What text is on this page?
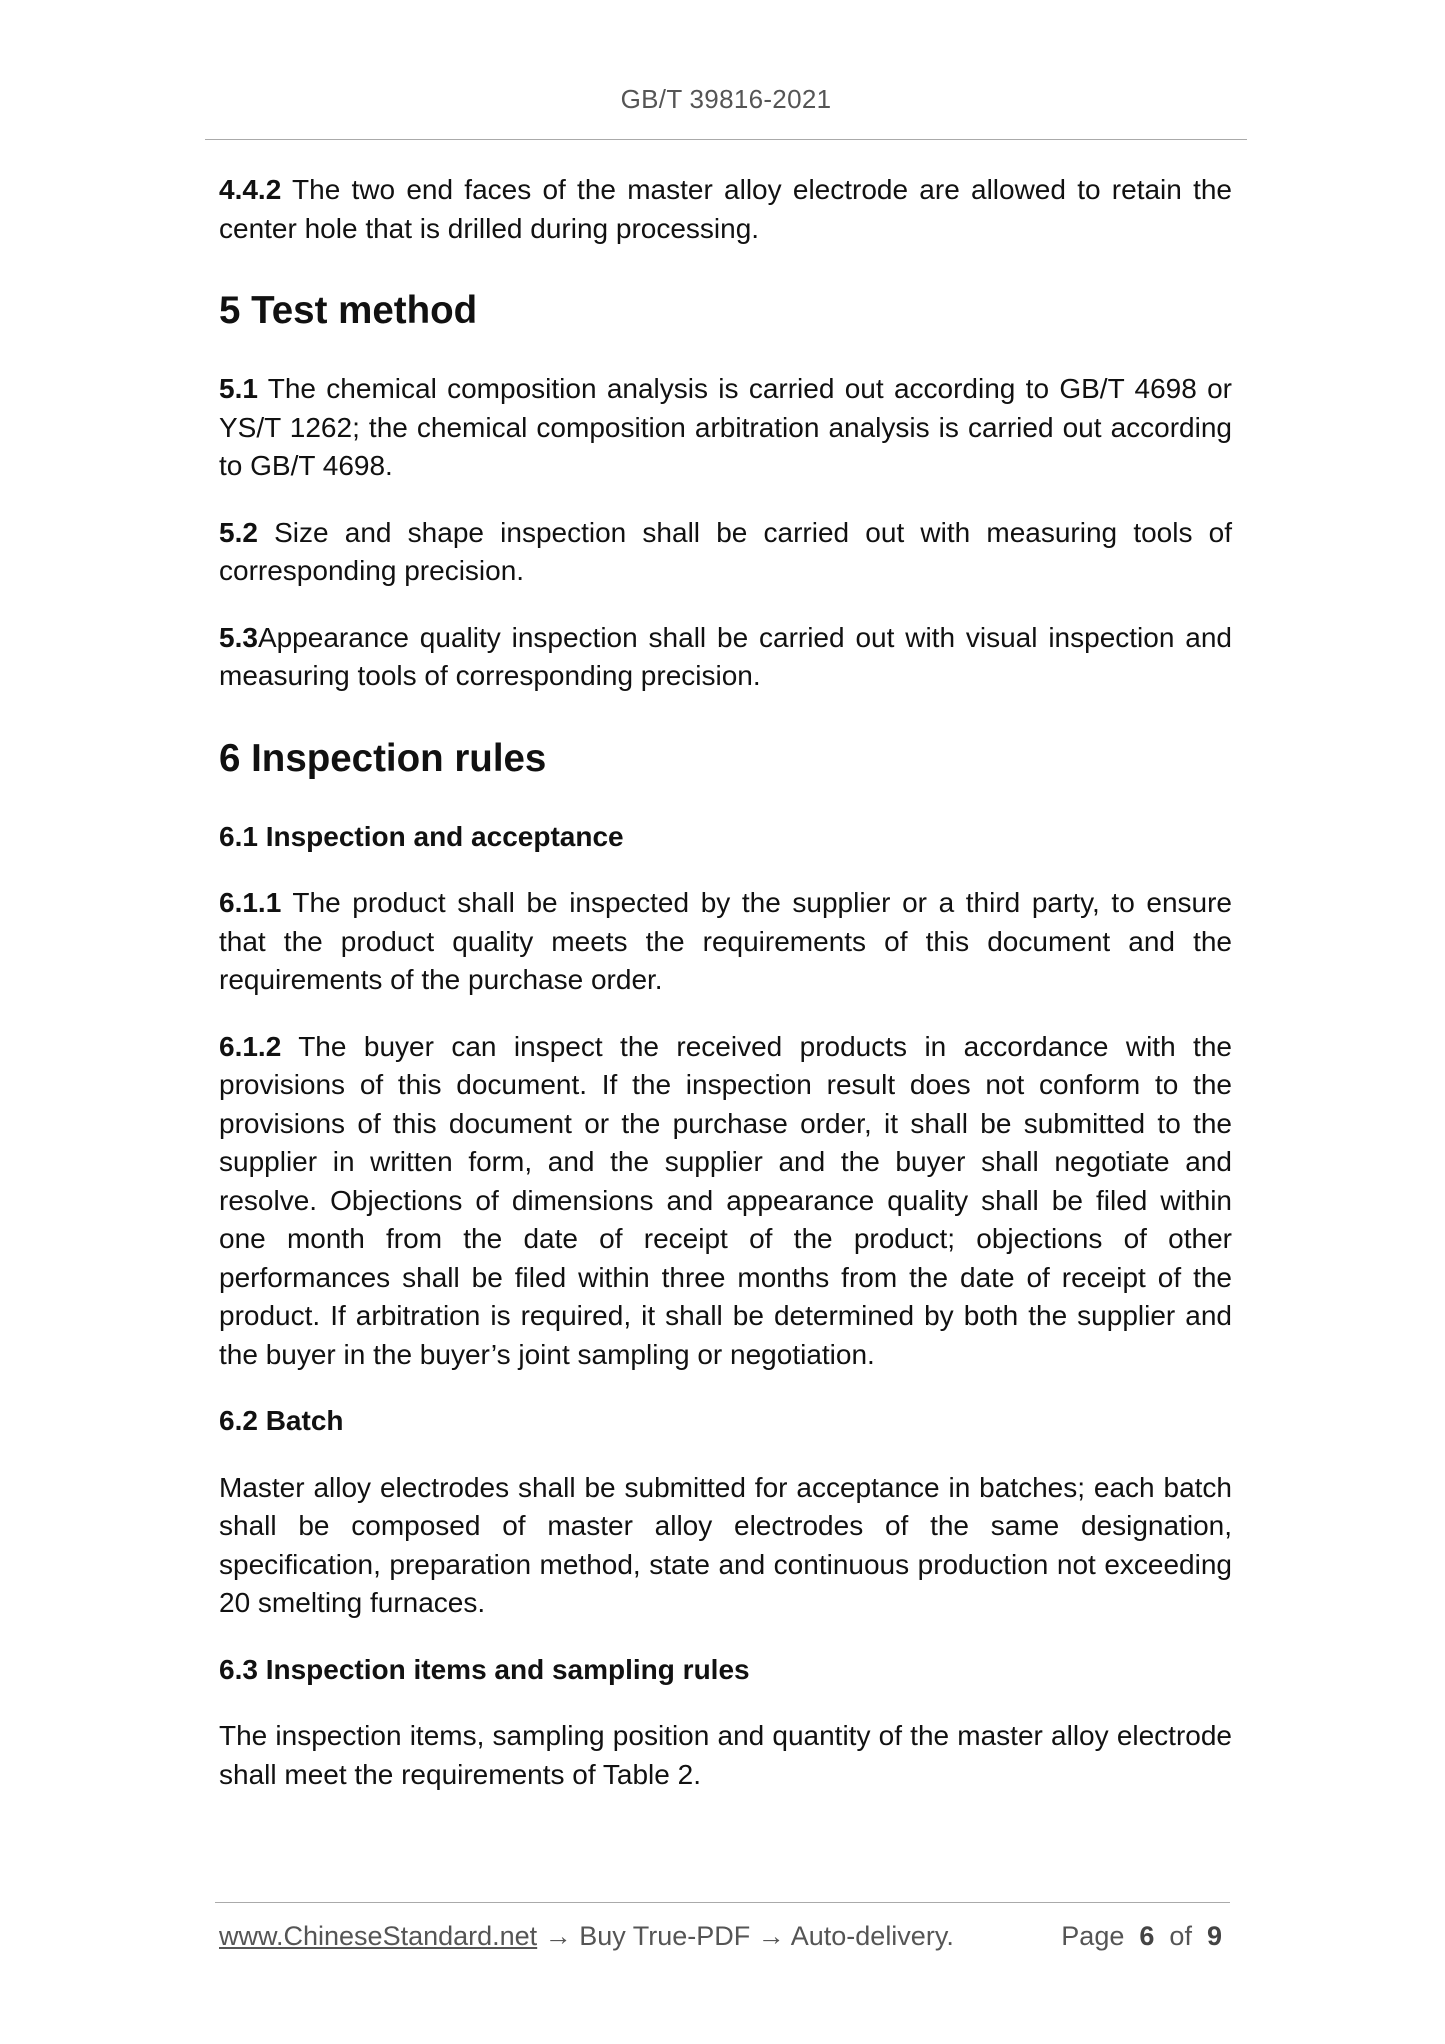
GB/T 39816-2021

4.4.2 The two end faces of the master alloy electrode are allowed to retain the center hole that is drilled during processing.

5 Test method

5.1 The chemical composition analysis is carried out according to GB/T 4698 or YS/T 1262; the chemical composition arbitration analysis is carried out according to GB/T 4698.

5.2 Size and shape inspection shall be carried out with measuring tools of corresponding precision.

5.3Appearance quality inspection shall be carried out with visual inspection and measuring tools of corresponding precision.

6 Inspection rules
6.1 Inspection and acceptance

6.1.1 The product shall be inspected by the supplier or a third party, to ensure that the product quality meets the requirements of this document and the requirements of the purchase order.

6.1.2 The buyer can inspect the received products in accordance with the provisions of this document. If the inspection result does not conform to the provisions of this document or the purchase order, it shall be submitted to the supplier in written form, and the supplier and the buyer shall negotiate and resolve. Objections of dimensions and appearance quality shall be filed within one month from the date of receipt of the product; objections of other performances shall be filed within three months from the date of receipt of the product. If arbitration is required, it shall be determined by both the supplier and the buyer in the buyer’s joint sampling or negotiation.

6.2 Batch

Master alloy electrodes shall be submitted for acceptance in batches; each batch shall be composed of master alloy electrodes of the same designation, specification, preparation method, state and continuous production not exceeding 20 smelting furnaces.

6.3 Inspection items and sampling rules

The inspection items, sampling position and quantity of the master alloy electrode shall meet the requirements of Table 2.

www.ChineseStandard.net → Buy True-PDF → Auto-delivery.	Page 6 of 9
